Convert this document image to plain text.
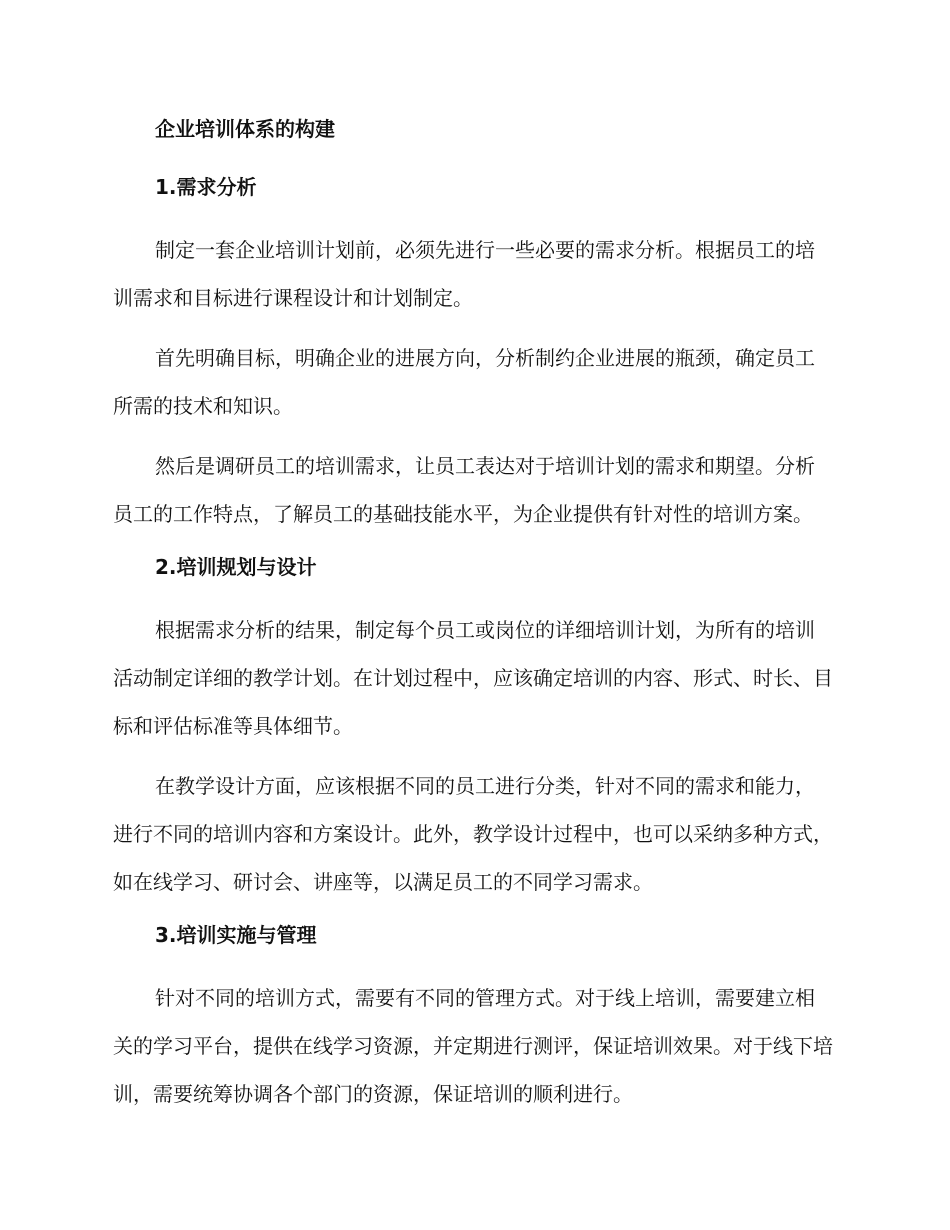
企业培训体系的构建
1.需求分析

制定一套企业培训计划前，必须先进行一些必要的需求分析。根据员工的培训需求和目标进行课程设计和计划制定。

首先明确目标，明确企业的进展方向，分析制约企业进展的瓶颈，确定员工所需的技术和知识。

然后是调研员工的培训需求，让员工表达对于培训计划的需求和期望。分析员工的工作特点，了解员工的基础技能水平，为企业提供有针对性的培训方案。

2.培训规划与设计

根据需求分析的结果，制定每个员工或岗位的详细培训计划，为所有的培训活动制定详细的教学计划。在计划过程中，应该确定培训的内容、形式、时长、目标和评估标准等具体细节。

在教学设计方面，应该根据不同的员工进行分类，针对不同的需求和能力，进行不同的培训内容和方案设计。此外，教学设计过程中，也可以采纳多种方式，如在线学习、研讨会、讲座等，以满足员工的不同学习需求。

3.培训实施与管理

针对不同的培训方式，需要有不同的管理方式。对于线上培训，需要建立相关的学习平台，提供在线学习资源，并定期进行测评，保证培训效果。对于线下培训，需要统筹协调各个部门的资源，保证培训的顺利进行。
